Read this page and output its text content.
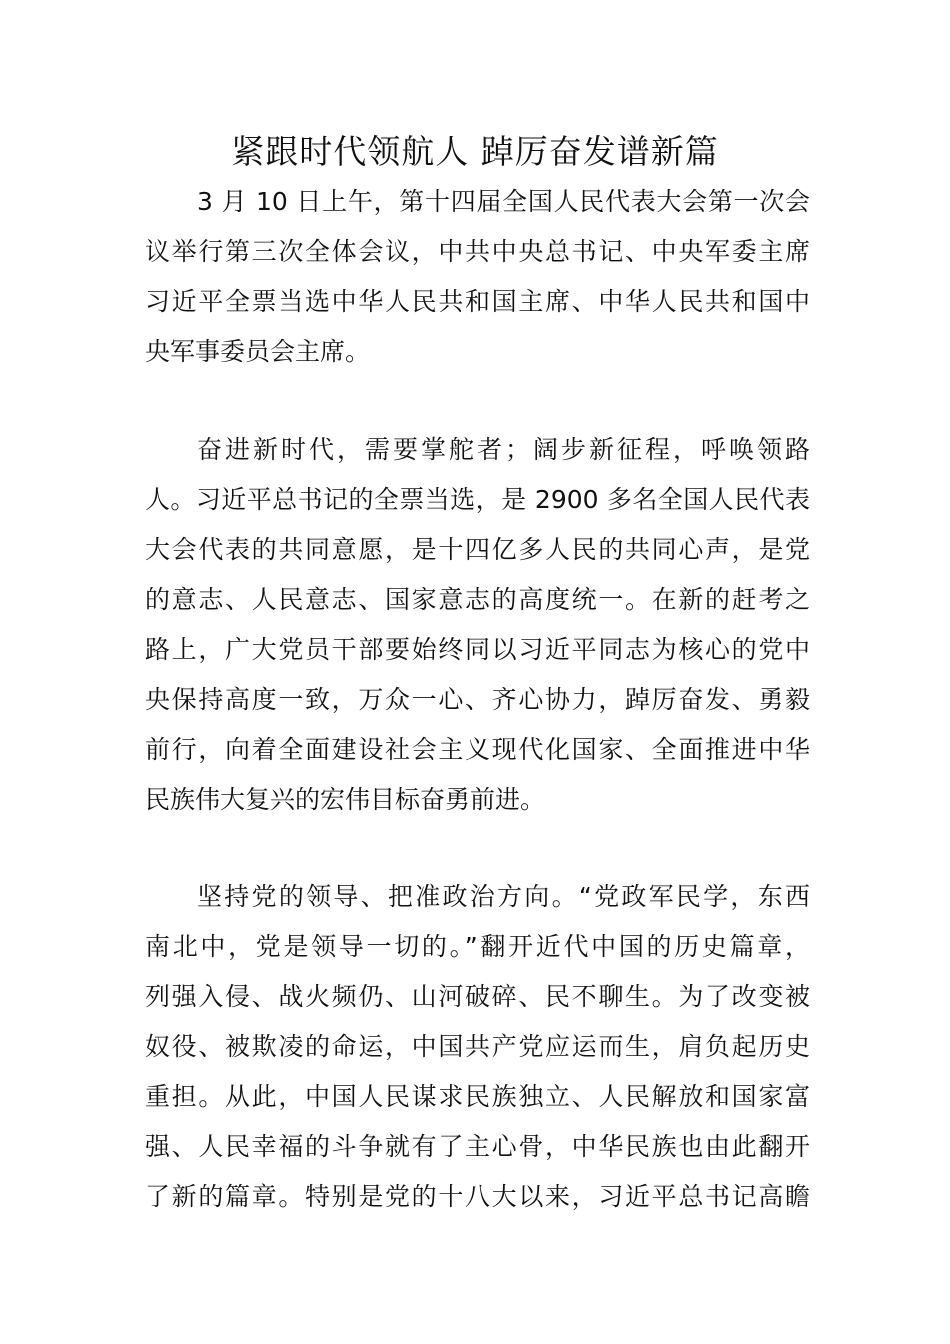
紧跟时代领航人 踔厉奋发谱新篇
3 月 10 日上午，第十四届全国人民代表大会第一次会
议举行第三次全体会议，中共中央总书记、中央军委主席
习近平全票当选中华人民共和国主席、中华人民共和国中
央军事委员会主席。
奋进新时代，需要掌舵者；阔步新征程，呼唤领路
人。习近平总书记的全票当选，是 2900 多名全国人民代表
大会代表的共同意愿，是十四亿多人民的共同心声，是党
的意志、人民意志、国家意志的高度统一。在新的赶考之
路上，广大党员干部要始终同以习近平同志为核心的党中
央保持高度一致，万众一心、齐心协力，踔厉奋发、勇毅
前行，向着全面建设社会主义现代化国家、全面推进中华
民族伟大复兴的宏伟目标奋勇前进。
坚持党的领导、把准政治方向。“党政军民学，东西
南北中，党是领导一切的。”翻开近代中国的历史篇章，
列强入侵、战火频仍、山河破碎、民不聊生。为了改变被
奴役、被欺凌的命运，中国共产党应运而生，肩负起历史
重担。从此，中国人民谋求民族独立、人民解放和国家富
强、人民幸福的斗争就有了主心骨，中华民族也由此翻开
了新的篇章。特别是党的十八大以来，习近平总书记高瞻
